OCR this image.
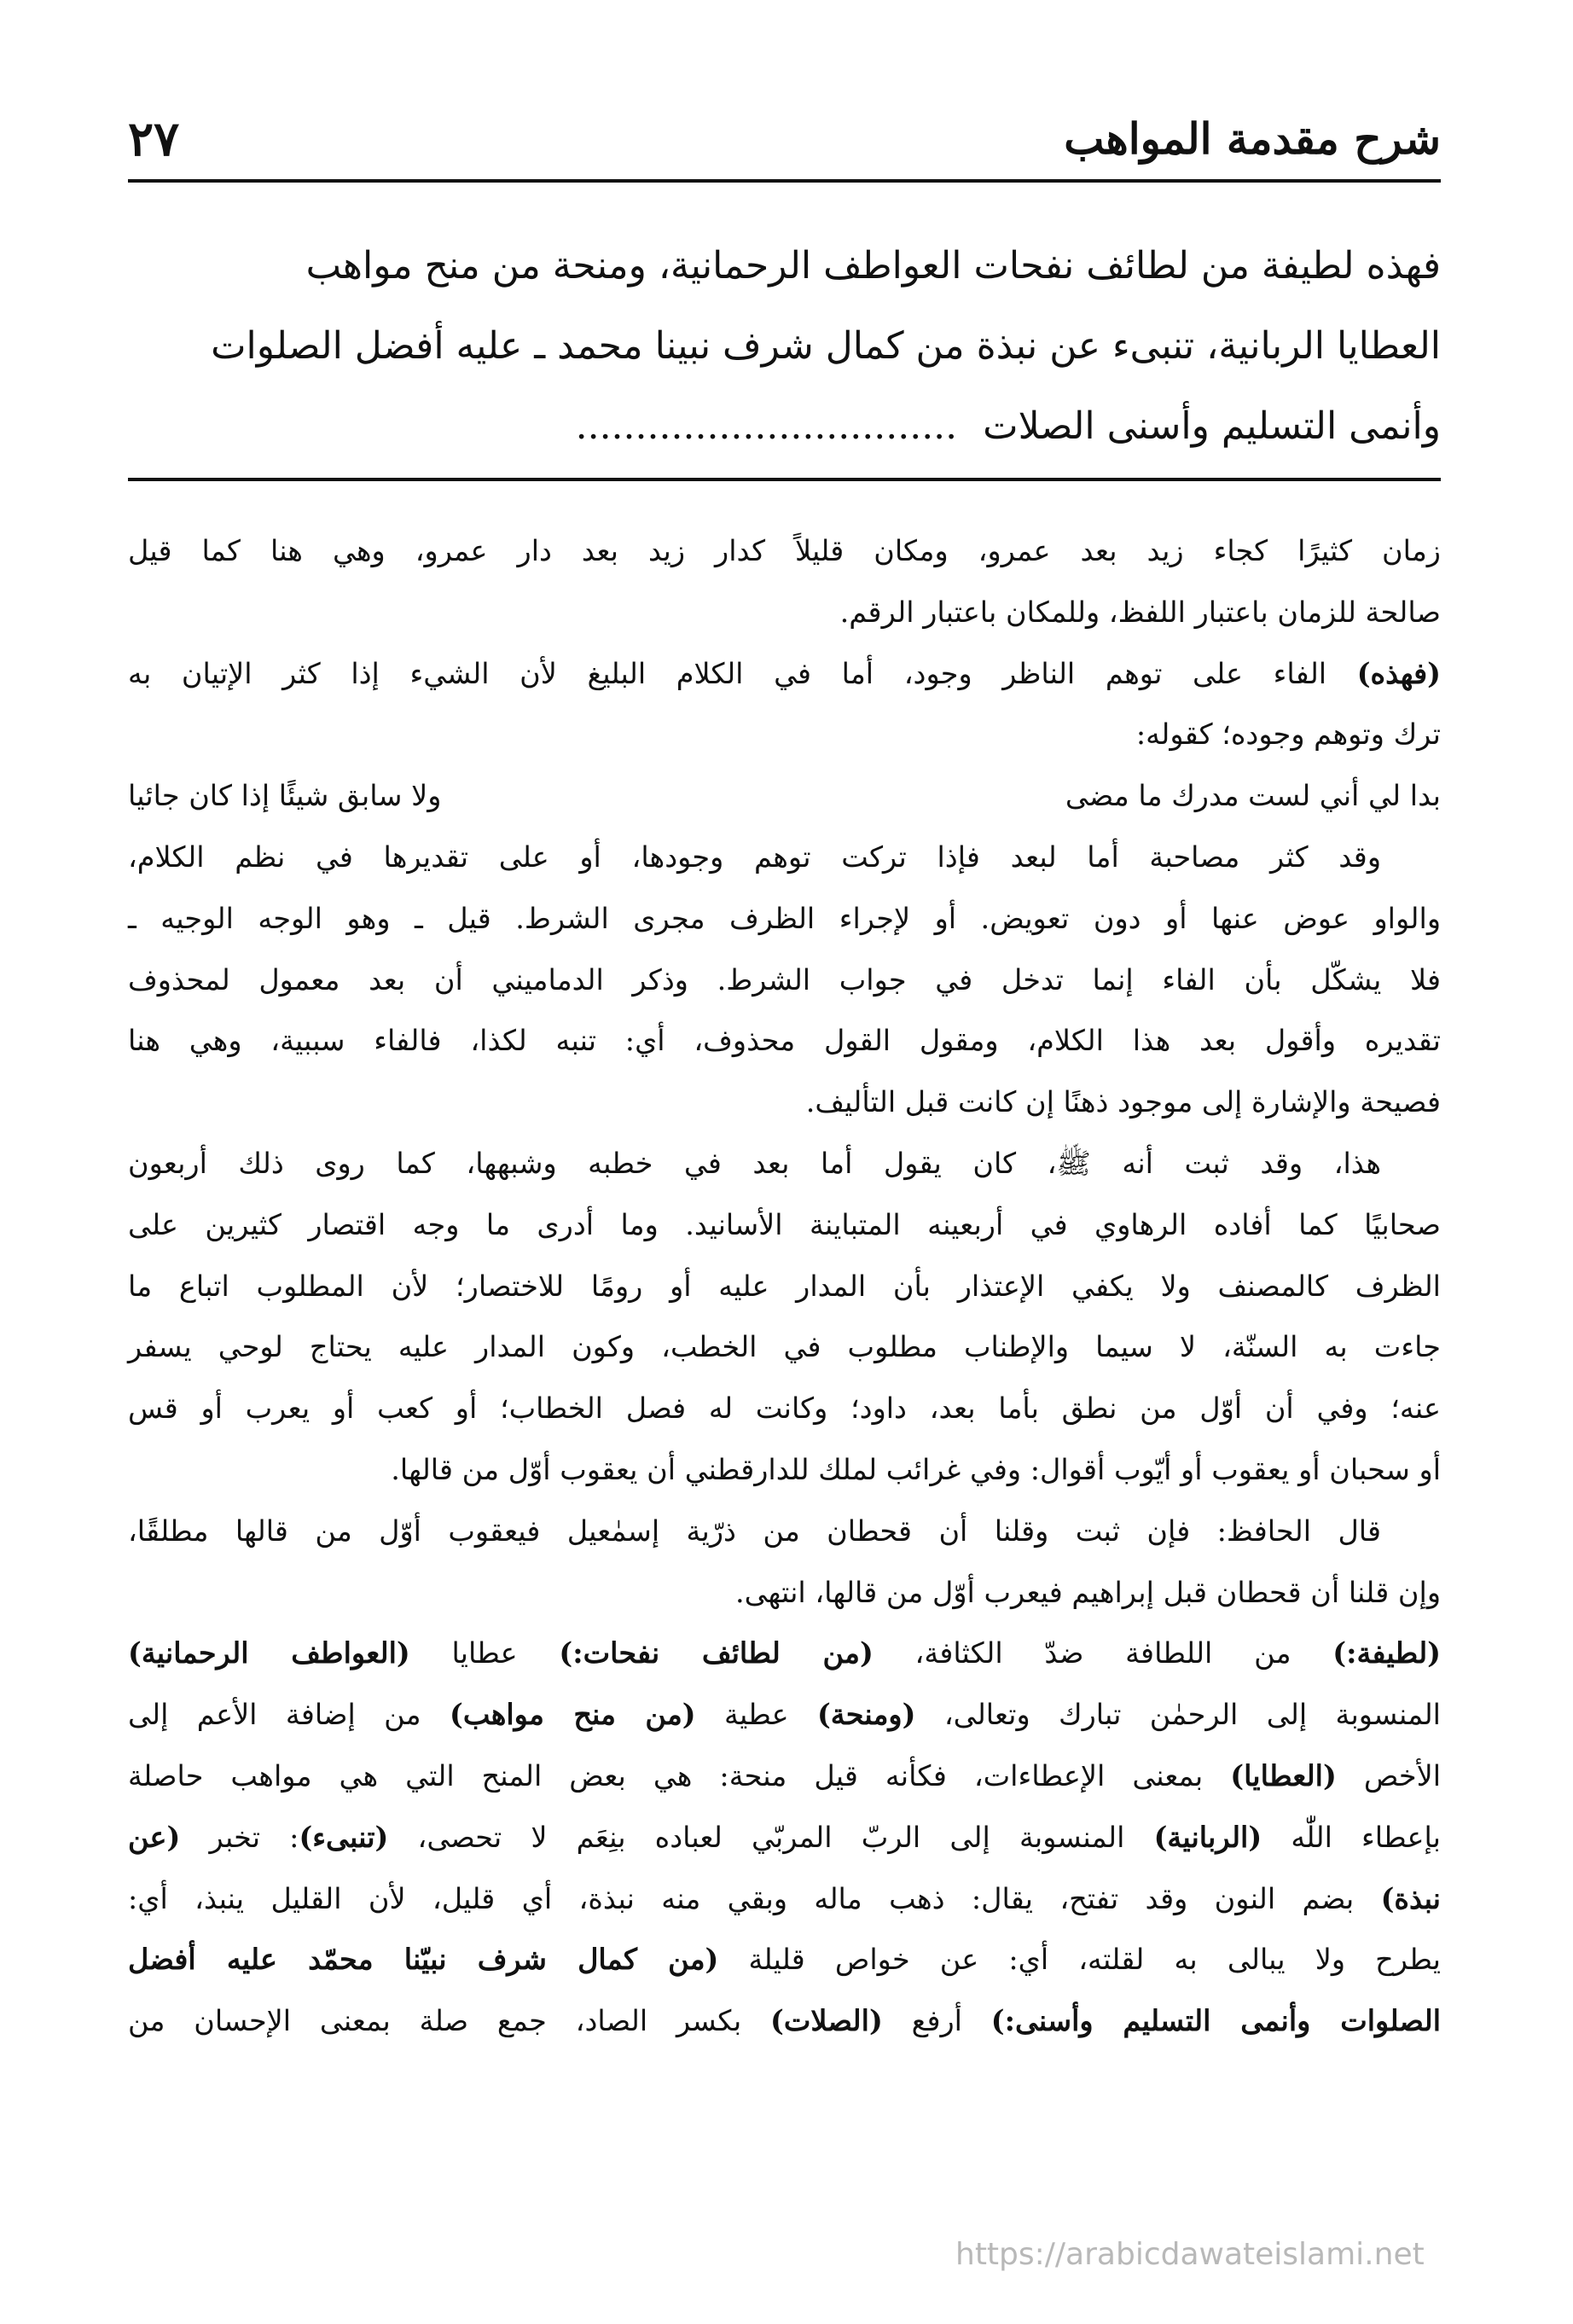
شرح مقدمة المواهب
٢٧
فهذه لطيفة من لطائف نفحات العواطف الرحمانية، ومنحة من منح مواهب
العطايا الربانية، تنبىء عن نبذة من كمال شرف نبينا محمد ـ عليه أفضل الصلوات
وأنمى التسليم وأسنى الصلات................................
زمان كثيرًا كجاء زيد بعد عمرو، ومكان قليلاً كدار زيد بعد دار عمرو، وهي هنا كما قيل
صالحة للزمان باعتبار اللفظ، وللمكان باعتبار الرقم.
(فهذه) الفاء على توهم الناظر وجود، أما في الكلام البليغ لأن الشيء إذا كثر الإتيان به
ترك وتوهم وجوده؛ كقوله:
بدا لي أني لست مدرك ما مضى
ولا سابق شيئًا إذا كان جائيا
وقد كثر مصاحبة أما لبعد فإذا تركت توهم وجودها، أو على تقديرها في نظم الكلام،
والواو عوض عنها أو دون تعويض. أو لإجراء الظرف مجرى الشرط. قيل ـ وهو الوجه الوجيه ـ
فلا يشكّل بأن الفاء إنما تدخل في جواب الشرط. وذكر الدماميني أن بعد معمول لمحذوف
تقديره وأقول بعد هذا الكلام، ومقول القول محذوف، أي: تنبه لكذا، فالفاء سببية، وهي هنا
فصيحة والإشارة إلى موجود ذهنًا إن كانت قبل التأليف.
هذا، وقد ثبت أنه ﷺ، كان يقول أما بعد في خطبه وشبهها، كما روى ذلك أربعون
صحابيًا كما أفاده الرهاوي في أربعينه المتباينة الأسانيد. وما أدرى ما وجه اقتصار كثيرين على
الظرف كالمصنف ولا يكفي الإعتذار بأن المدار عليه أو رومًا للاختصار؛ لأن المطلوب اتباع ما
جاءت به السنّة، لا سيما والإطناب مطلوب في الخطب، وكون المدار عليه يحتاج لوحي يسفر
عنه؛ وفي أن أوّل من نطق بأما بعد، داود؛ وكانت له فصل الخطاب؛ أو كعب أو يعرب أو قس
أو سحبان أو يعقوب أو أيّوب أقوال: وفي غرائب لملك للدارقطني أن يعقوب أوّل من قالها.
قال الحافظ: فإن ثبت وقلنا أن قحطان من ذرّية إسمٰعيل فيعقوب أوّل من قالها مطلقًا،
وإن قلنا أن قحطان قبل إبراهيم فيعرب أوّل من قالها، انتهى.
(لطيفة:) من اللطافة ضدّ الكثافة، (من لطائف نفحات:) عطايا (العواطف الرحمانية)
المنسوبة إلى الرحمٰن تبارك وتعالى، (ومنحة) عطية (من منح مواهب) من إضافة الأعم إلى
الأخص (العطايا) بمعنى الإعطاءات، فكأنه قيل منحة: هي بعض المنح التي هي مواهب حاصلة
بإعطاء اللّٰه (الربانية) المنسوبة إلى الربّ المربّي لعباده بنِعَم لا تحصى، (تنبىء): تخبر (عن
نبذة) بضم النون وقد تفتح، يقال: ذهب ماله وبقي منه نبذة، أي قليل، لأن القليل ينبذ، أي:
يطرح ولا يبالى به لقلته، أي: عن خواص قليلة (من كمال شرف نبيّنا محمّد عليه أفضل
الصلوات وأنمى التسليم وأسنى:) أرفع (الصلات) بكسر الصاد، جمع صلة بمعنى الإحسان من
https://arabicdawateislami.net
